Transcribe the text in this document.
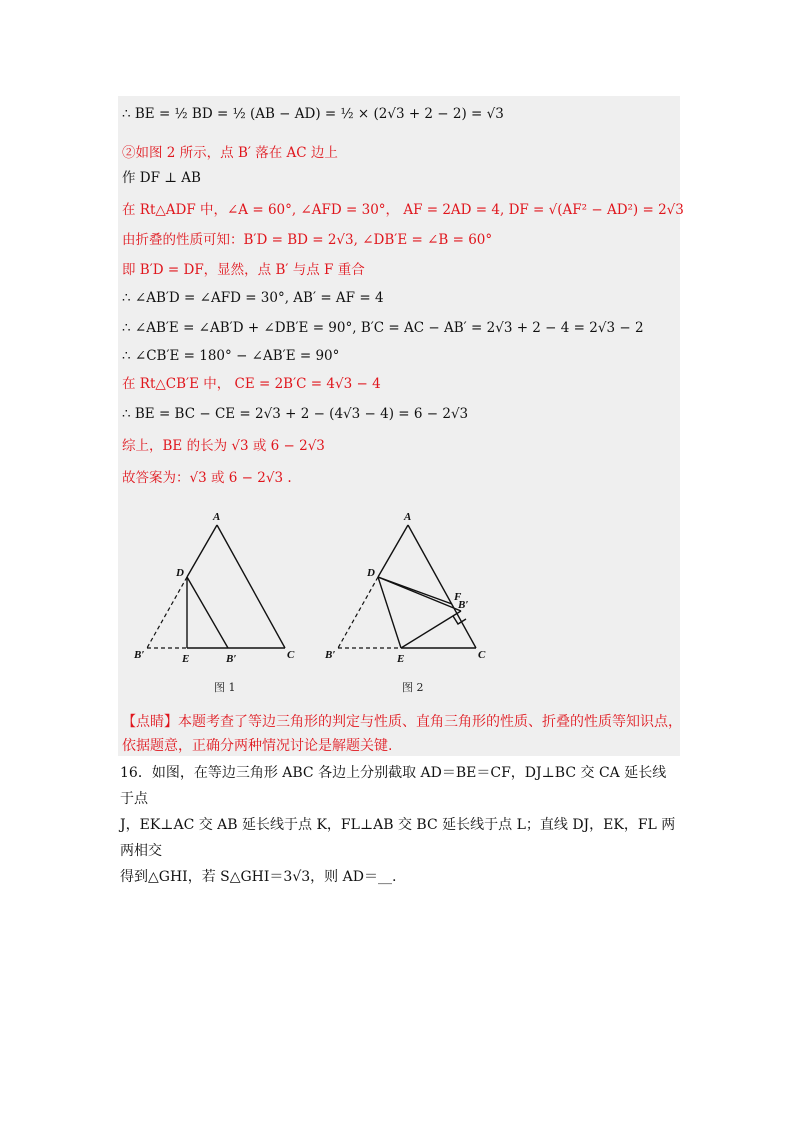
∴ BE = ½ BD = ½ (AB − AD) = ½ × (2√3 + 2 − 2) = √3
②如图 2 所示，点 B′ 落在 AC 边上
作 DF ⊥ AB
在 Rt△ADF 中，∠A = 60°, ∠AFD = 30°， AF = 2AD = 4, DF = √(AF² − AD²) = 2√3
由折叠的性质可知：B′D = BD = 2√3, ∠DB′E = ∠B = 60°
即 B′D = DF，显然，点 B′ 与点 F 重合
∴ ∠AB′D = ∠AFD = 30°, AB′ = AF = 4
∴ ∠AB′E = ∠AB′D + ∠DB′E = 90°, B′C = AC − AB′ = 2√3 + 2 − 4 = 2√3 − 2
∴ ∠CB′E = 180° − ∠AB′E = 90°
在 Rt△CB′E 中， CE = 2B′C = 4√3 − 4
∴ BE = BC − CE = 2√3 + 2 − (4√3 − 4) = 6 − 2√3
综上，BE 的长为 √3 或 6 − 2√3
故答案为：√3 或 6 − 2√3 .
A
D
B′	E	B′	C
图 1
A
D
F
B′
B′	E	C
图 2
【点睛】本题考查了等边三角形的判定与性质、直角三角形的性质、折叠的性质等知识点，
依据题意，正确分两种情况讨论是解题关键.
16．如图，在等边三角形 ABC 各边上分别截取 AD＝BE＝CF，DJ⊥BC 交 CA 延长线于点
J，EK⊥AC 交 AB 延长线于点 K，FL⊥AB 交 BC 延长线于点 L；直线 DJ，EK，FL 两两相交
得到△GHI，若 S△GHI＝3√3，则 AD＝__.
